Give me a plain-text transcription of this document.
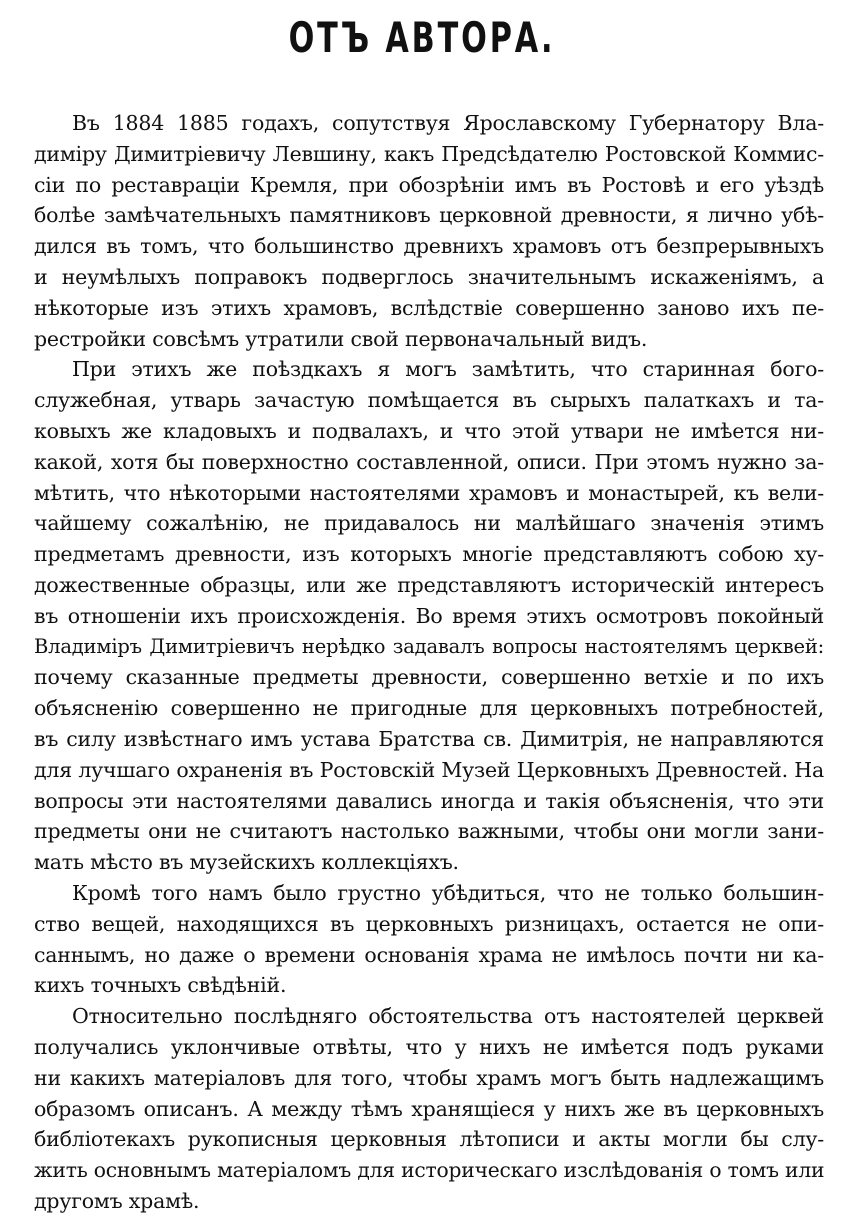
ОТЪ АВТОРА.
Въ 1884 1885 годахъ, сопутствуя Ярославскому Губернатору Вла-
диміру Димитріевичу Левшину, какъ Предсѣдателю Ростовской Коммис-
сіи по реставраціи Кремля, при обозрѣніи имъ въ Ростовѣ и его уѣздѣ
болѣе замѣчательныхъ памятниковъ церковной древности, я лично убѣ-
дился въ томъ, что большинство древнихъ храмовъ отъ безпрерывныхъ
и неумѣлыхъ поправокъ подверглось значительнымъ искаженіямъ, а
нѣкоторые изъ этихъ храмовъ, вслѣдствіе совершенно заново ихъ пе-
рестройки совсѣмъ утратили свой первоначальный видъ.
При этихъ же поѣздкахъ я могъ замѣтить, что старинная бого-
служебная, утварь зачастую помѣщается въ сырыхъ палаткахъ и та-
ковыхъ же кладовыхъ и подвалахъ, и что этой утвари не имѣется ни-
какой, хотя бы поверхностно составленной, описи. При этомъ нужно за-
мѣтить, что нѣкоторыми настоятелями храмовъ и монастырей, къ вели-
чайшему сожалѣнію, не придавалось ни малѣйшаго значенія этимъ
предметамъ древности, изъ которыхъ многіе представляютъ собою ху-
дожественные образцы, или же представляютъ историческій интересъ
въ отношеніи ихъ происхожденія. Во время этихъ осмотровъ покойный
Владиміръ Димитріевичъ нерѣдко задавалъ вопросы настоятелямъ церквей:
почему сказанные предметы древности, совершенно ветхіе и по ихъ
объясненію совершенно не пригодные для церковныхъ потребностей,
въ силу извѣстнаго имъ устава Братства св. Димитрія, не направляются
для лучшаго охраненія въ Ростовскій Музей Церковныхъ Древностей. На
вопросы эти настоятелями давались иногда и такія объясненія, что эти
предметы они не считаютъ настолько важными, чтобы они могли зани-
мать мѣсто въ музейскихъ коллекціяхъ.
Кромѣ того намъ было грустно убѣдиться, что не только большин-
ство вещей, находящихся въ церковныхъ ризницахъ, остается не опи-
саннымъ, но даже о времени основанія храма не имѣлось почти ни ка-
кихъ точныхъ свѣдѣній.
Относительно послѣдняго обстоятельства отъ настоятелей церквей
получались уклончивые отвѣты, что у нихъ не имѣется подъ руками
ни какихъ матеріаловъ для того, чтобы храмъ могъ быть надлежащимъ
образомъ описанъ. А между тѣмъ хранящіеся у нихъ же въ церковныхъ
библіотекахъ рукописныя церковныя лѣтописи и акты могли бы слу-
жить основнымъ матеріаломъ для историческаго изслѣдованія о томъ или
другомъ храмѣ.
